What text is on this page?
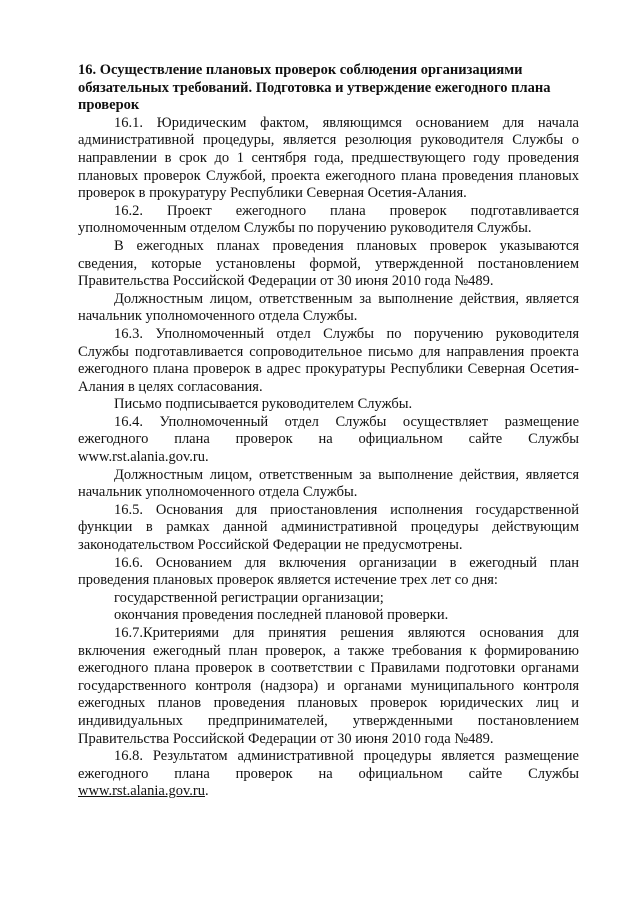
16. Осуществление плановых проверок соблюдения организациями обязательных требований. Подготовка и утверждение ежегодного плана проверок

16.1. Юридическим фактом, являющимся основанием для начала административной процедуры, является резолюция руководителя Службы о направлении в срок до 1 сентября года, предшествующего году проведения плановых проверок Службой, проекта ежегодного плана проведения плановых проверок в прокуратуру Республики Северная Осетия-Алания.

16.2. Проект ежегодного плана проверок подготавливается уполномоченным отделом Службы по поручению руководителя Службы.

В ежегодных планах проведения плановых проверок указываются сведения, которые установлены формой, утвержденной постановлением Правительства Российской Федерации от 30 июня 2010 года №489.

Должностным лицом, ответственным за выполнение действия, является начальник уполномоченного отдела Службы.

16.3. Уполномоченный отдел Службы по поручению руководителя Службы подготавливается сопроводительное письмо для направления проекта ежегодного плана проверок в адрес прокуратуры Республики Северная Осетия-Алания в целях согласования.

Письмо подписывается руководителем Службы.

16.4. Уполномоченный отдел Службы осуществляет размещение ежегодного плана проверок на официальном сайте Службы www.rst.alania.gov.ru.

Должностным лицом, ответственным за выполнение действия, является начальник уполномоченного отдела Службы.

16.5. Основания для приостановления исполнения государственной функции в рамках данной административной процедуры действующим законодательством Российской Федерации не предусмотрены.

16.6. Основанием для включения организации в ежегодный план проведения плановых проверок является истечение трех лет со дня:

государственной регистрации организации;

окончания проведения последней плановой проверки.

16.7.Критериями для принятия решения являются основания для включения ежегодный план проверок, а также требования к формированию ежегодного плана проверок в соответствии с Правилами подготовки органами государственного контроля (надзора) и органами муниципального контроля ежегодных планов проведения плановых проверок юридических лиц и индивидуальных предпринимателей, утвержденными постановлением Правительства Российской Федерации от 30 июня 2010 года №489.

16.8. Результатом административной процедуры является размещение ежегодного плана проверок на официальном сайте Службы www.rst.alania.gov.ru.
